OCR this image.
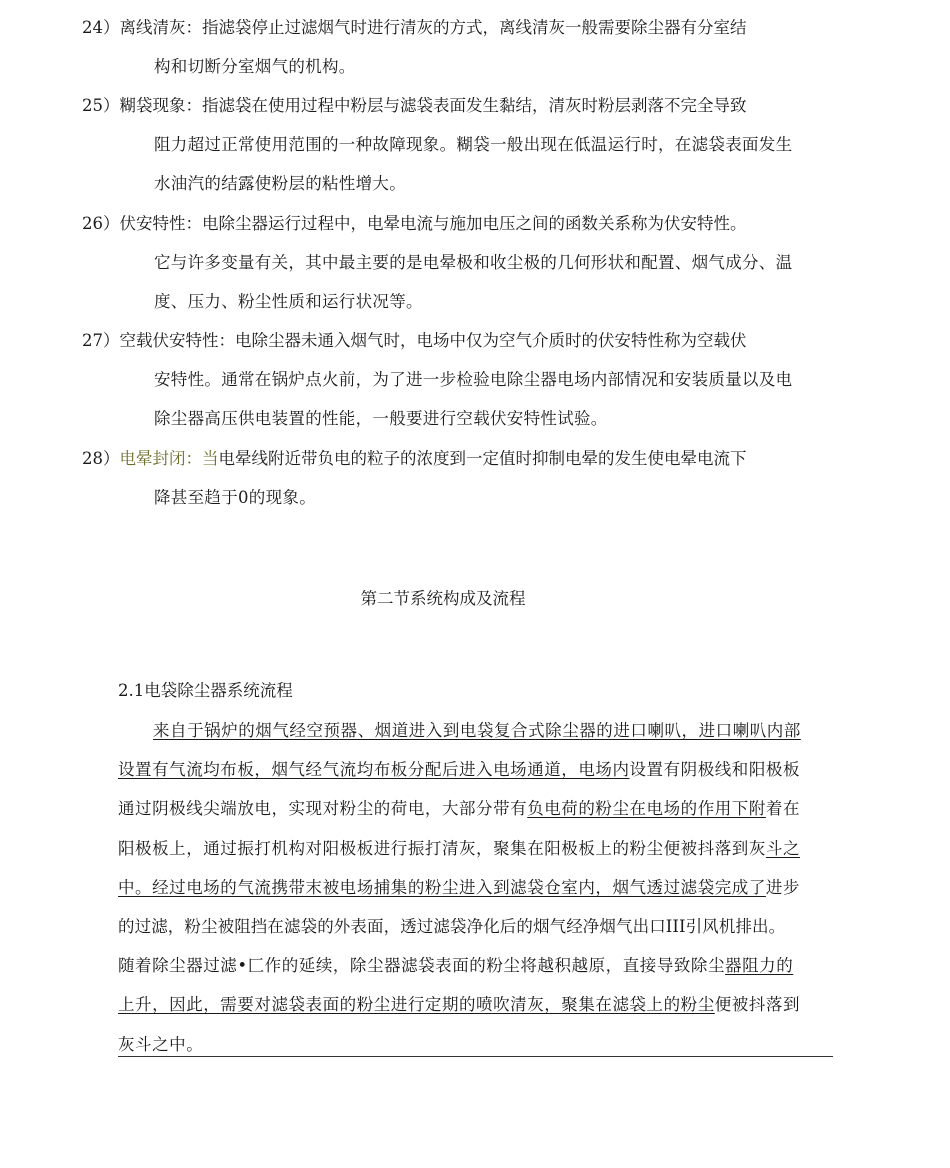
24）离线清灰：指滤袋停止过滤烟气时进行清灰的方式，离线清灰一般需要除尘器有分室结
构和切断分室烟气的机构。
25）糊袋现象：指滤袋在使用过程中粉层与滤袋表面发生黏结，清灰时粉层剥落不完全导致
阻力超过正常使用范围的一种故障现象。糊袋一般出现在低温运行时，在滤袋表面发生
水油汽的结露使粉层的粘性增大。
26）伏安特性：电除尘器运行过程中，电晕电流与施加电压之间的函数关系称为伏安特性。
它与许多变量有关，其中最主要的是电晕极和收尘极的几何形状和配置、烟气成分、温
度、压力、粉尘性质和运行状况等。
27）空载伏安特性：电除尘器未通入烟气时，电场中仅为空气介质时的伏安特性称为空载伏
安特性。通常在锅炉点火前，为了进一步检验电除尘器电场内部情况和安装质量以及电
除尘器高压供电装置的性能，一般要进行空载伏安特性试验。
28）电晕封闭：当电晕线附近带负电的粒子的浓度到一定值时抑制电晕的发生使电晕电流下
降甚至趋于0的现象。
第二节系统构成及流程
2.1电袋除尘器系统流程
来自于锅炉的烟气经空预器、烟道进入到电袋复合式除尘器的进口喇叭，进口喇叭内部
设置有气流均布板，烟气经气流均布板分配后进入电场通道，电场内设置有阴极线和阳极板
通过阴极线尖端放电，实现对粉尘的荷电，大部分带有负电荷的粉尘在电场的作用下附着在
阳极板上，通过振打机构对阳极板进行振打清灰，聚集在阳极板上的粉尘便被抖落到灰斗之
中。经过电场的气流携带末被电场捕集的粉尘进入到滤袋仓室内，烟气透过滤袋完成了进步
的过滤，粉尘被阻挡在滤袋的外表面，透过滤袋净化后的烟气经净烟气出口III引风机排出。
随着除尘器过滤•匚作的延续，除尘器滤袋表面的粉尘将越积越原，直接导致除尘器阻力的
上升，因此，需要对滤袋表面的粉尘进行定期的喷吹清灰，聚集在滤袋上的粉尘便被抖落到
灰斗之中。
